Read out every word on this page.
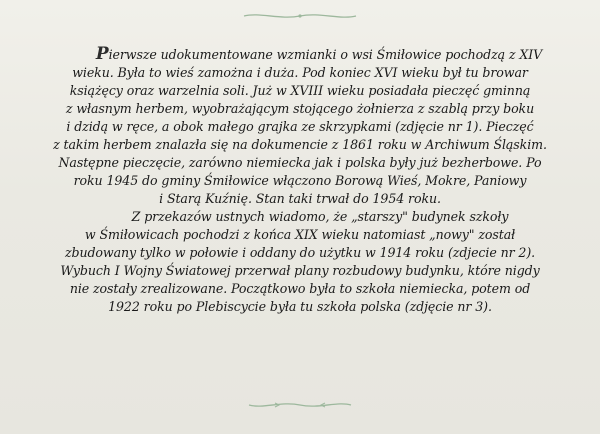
Pierwsze udokumentowane wzmianki o wsi Śmiłowice pochodzą z XIV
wieku. Była to wieś zamożna i duża. Pod koniec XVI wieku był tu browar
książęcy oraz warzelnia soli. Już w XVIII wieku posiadała pieczęć gminną
z własnym herbem, wyobrażającym stojącego żołnierza z szablą przy boku
i dzidą w ręce, a obok małego grajka ze skrzypkami (zdjęcie nr 1). Pieczęć
z takim herbem znalazła się na dokumencie z 1861 roku w Archiwum Śląskim.
Następne pieczęcie, zarówno niemiecka jak i polska były już bezherbowe. Po
roku 1945 do gminy Śmiłowice włączono Borową Wieś, Mokre, Paniowy
i Starą Kuźnię. Stan taki trwał do 1954 roku.
Z przekazów ustnych wiadomo, że „starszy" budynek szkoły
w Śmiłowicach pochodzi z końca XIX wieku natomiast „nowy" został
zbudowany tylko w połowie i oddany do użytku w 1914 roku (zdjecie nr 2).
Wybuch I Wojny Światowej przerwał plany rozbudowy budynku, które nigdy
nie zostały zrealizowane. Początkowo była to szkoła niemiecka, potem od
1922 roku po Plebiscycie była tu szkoła polska (zdjęcie nr 3).
